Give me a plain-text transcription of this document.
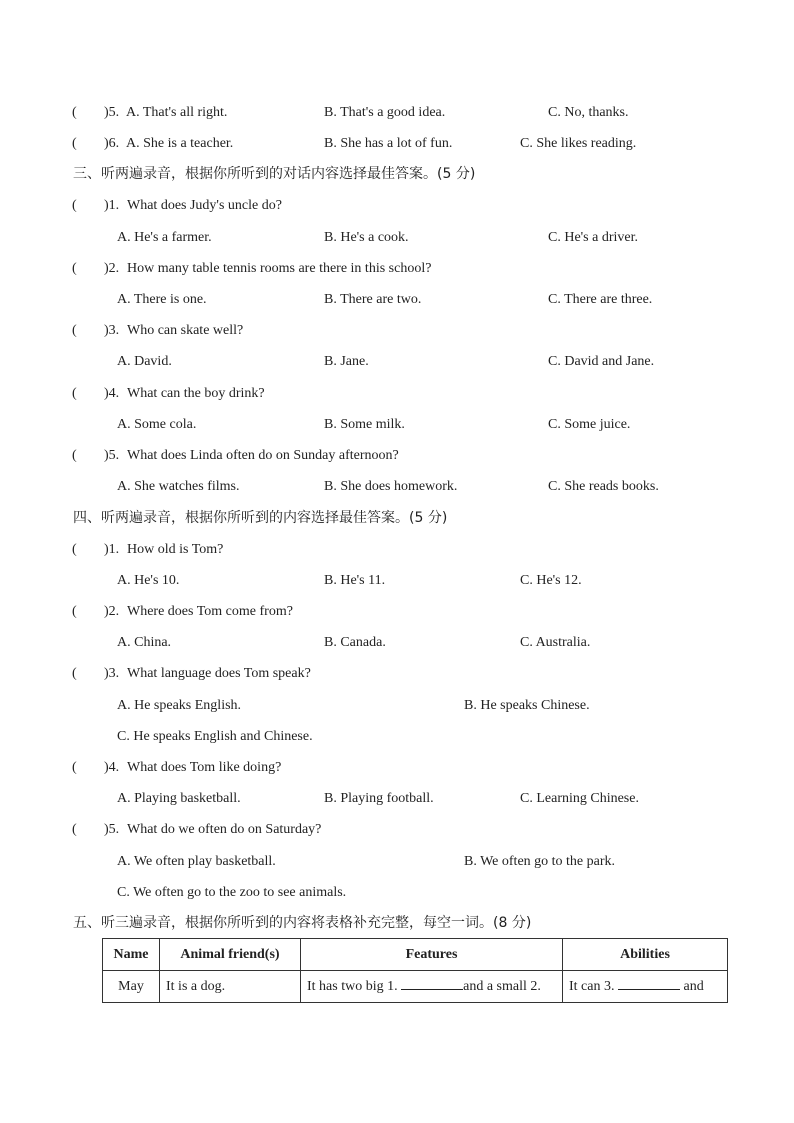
( )5. A. That's all right.	B. That's a good idea.	C. No, thanks.
( )6. A. She is a teacher.	B. She has a lot of fun.	C. She likes reading.
三、听两遍录音，根据你所听到的对话内容选择最佳答案。(5 分)
( )1. What does Judy's uncle do?
A. He's a farmer.	B. He's a cook.	C. He's a driver.
( )2. How many table tennis rooms are there in this school?
A. There is one.	B. There are two.	C. There are three.
( )3. Who can skate well?
A. David.	B. Jane.	C. David and Jane.
( )4. What can the boy drink?
A. Some cola.	B. Some milk.	C. Some juice.
( )5. What does Linda often do on Sunday afternoon?
A. She watches films.	B. She does homework.	C. She reads books.
四、听两遍录音，根据你所听到的内容选择最佳答案。(5 分)
( )1. How old is Tom?
A. He's 10.	B. He's 11.	C. He's 12.
( )2. Where does Tom come from?
A. China.	B. Canada.	C. Australia.
( )3. What language does Tom speak?
A. He speaks English.	B. He speaks Chinese.
C. He speaks English and Chinese.
( )4. What does Tom like doing?
A. Playing basketball.	B. Playing football.	C. Learning Chinese.
( )5. What do we often do on Saturday?
A. We often play basketball.	B. We often go to the park.
C. We often go to the zoo to see animals.
五、听三遍录音，根据你所听到的内容将表格补充完整，每空一词。(8 分)
Name	Animal friend(s)	Features	Abilities
May	It is a dog.	It has two big 1. and a small 2.	It can 3. and
